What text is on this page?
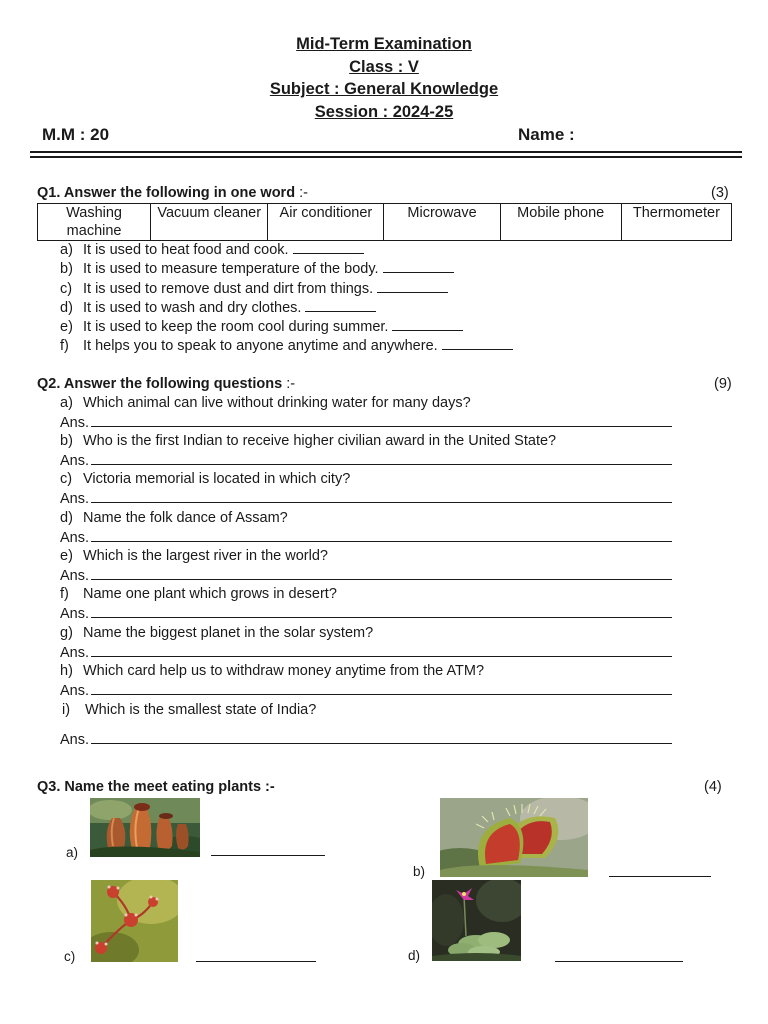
Mid-Term Examination
Class : V
Subject : General Knowledge
Session : 2024-25
M.M : 20	Name :
Q1. Answer the following in one word :-	(3)
Washing machine	Vacuum cleaner	Air conditioner	Microwave	Mobile phone	Thermometer
a) It is used to heat food and cook.
b) It is used to measure temperature of the body.
c) It is used to remove dust and dirt from things.
d) It is used to wash and dry clothes.
e) It is used to keep the room cool during summer.
f) It helps you to speak to anyone anytime and anywhere.
Q2. Answer the following questions :-	(9)
a) Which animal can live without drinking water for many days?
Ans.
b) Who is the first Indian to receive higher civilian award in the United State?
Ans.
c) Victoria memorial is located in which city?
Ans.
d) Name the folk dance of Assam?
Ans.
e) Which is the largest river in the world?
Ans.
f) Name one plant which grows in desert?
Ans.
g) Name the biggest planet in the solar system?
Ans.
h) Which card help us to withdraw money anytime from the ATM?
Ans.
i) Which is the smallest state of India?
Ans.
Q3. Name the meet eating plants :-	(4)
a)
b)
c)	d)
